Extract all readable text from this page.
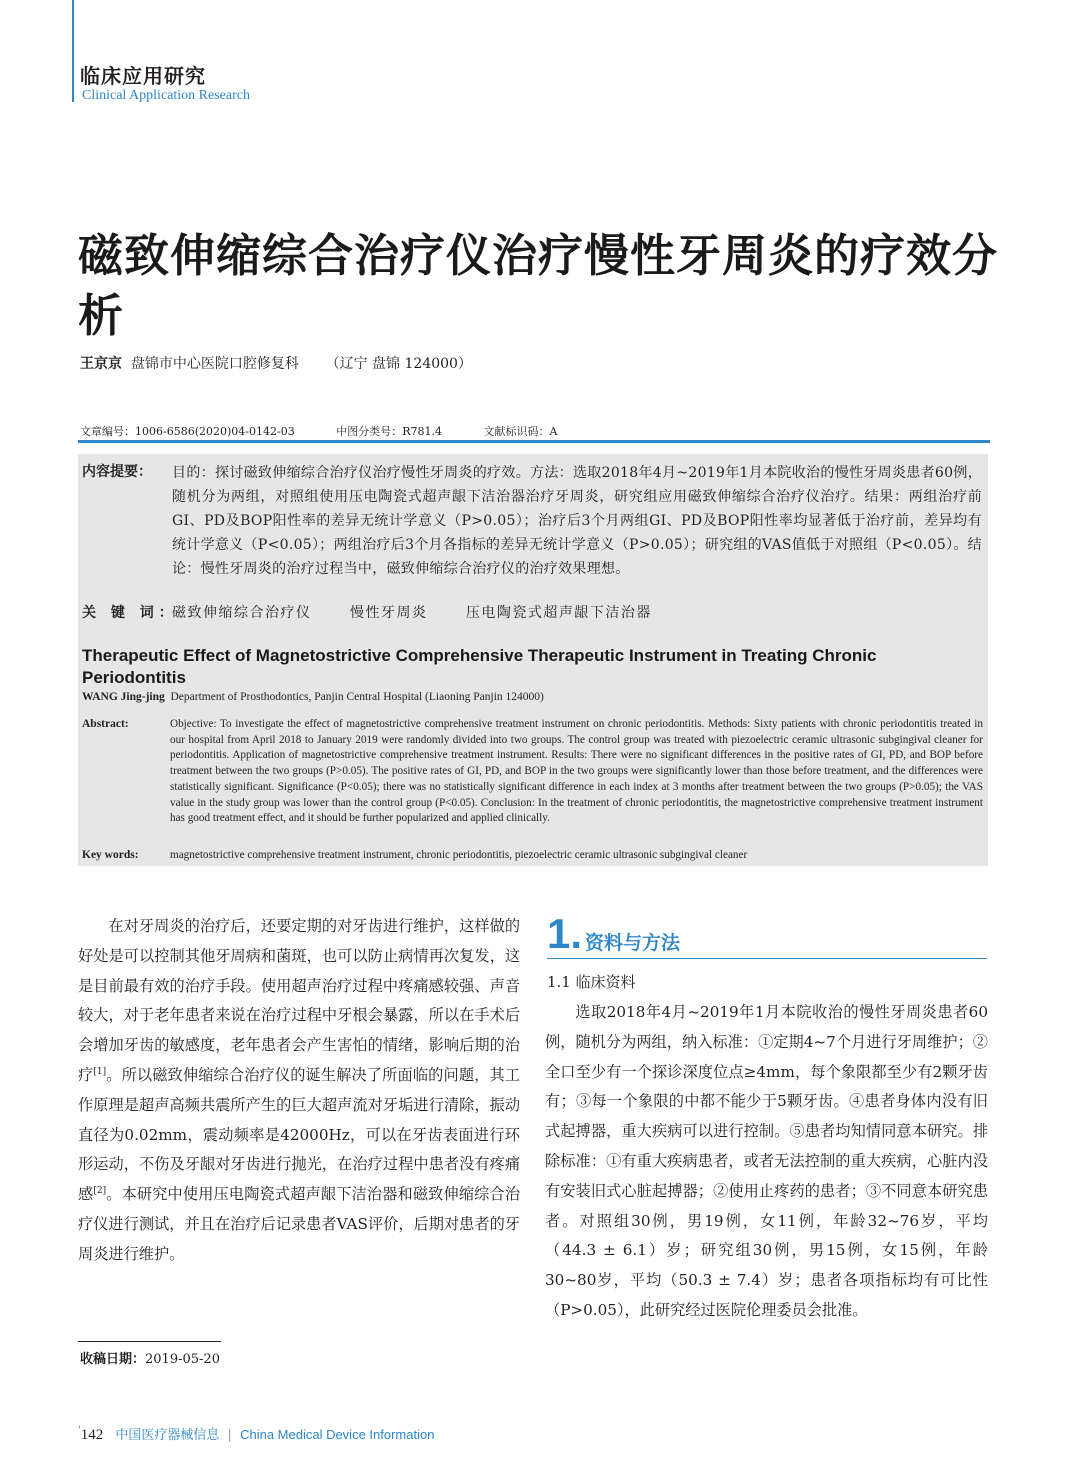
临床应用研究
Clinical Application Research
磁致伸缩综合治疗仪治疗慢性牙周炎的疗效分析
王京京 盘锦市中心医院口腔修复科 （辽宁 盘锦 124000）
文章编号：1006-6586(2020)04-0142-03	中图分类号：R781.4	文献标识码：A
内容提要： 目的：探讨磁致伸缩综合治疗仪治疗慢性牙周炎的疗效。方法：选取2018年4月~2019年1月本院收治的慢性牙周炎患者60例，随机分为两组，对照组使用压电陶瓷式超声龈下洁治器治疗牙周炎，研究组应用磁致伸缩综合治疗仪治疗。结果：两组治疗前GI、PD及BOP阳性率的差异无统计学意义（P>0.05）；治疗后3个月两组GI、PD及BOP阳性率均显著低于治疗前，差异均有统计学意义（P<0.05）；两组治疗后3个月各指标的差异无统计学意义（P>0.05）；研究组的VAS值低于对照组（P<0.05）。结论：慢性牙周炎的治疗过程当中，磁致伸缩综合治疗仪的治疗效果理想。
关 键 词：
磁致伸缩综合治疗仪	慢性牙周炎	压电陶瓷式超声龈下洁治器
Therapeutic Effect of Magnetostrictive Comprehensive Therapeutic Instrument in Treating Chronic Periodontitis
WANG Jing-jing Department of Prosthodontics, Panjin Central Hospital (Liaoning Panjin 124000)
Abstract:	Objective: To investigate the effect of magnetostrictive comprehensive treatment instrument on chronic periodontitis. Methods: Sixty patients with chronic periodontitis treated in our hospital from April 2018 to January 2019 were randomly divided into two groups. The control group was treated with piezoelectric ceramic ultrasonic subgingival cleaner for periodontitis. Application of magnetostrictive comprehensive treatment instrument. Results: There were no significant differences in the positive rates of GI, PD, and BOP before treatment between the two groups (P>0.05). The positive rates of GI, PD, and BOP in the two groups were significantly lower than those before treatment, and the differences were statistically significant. Significance (P<0.05); there was no statistically significant difference in each index at 3 months after treatment between the two groups (P>0.05); the VAS value in the study group was lower than the control group (P<0.05). Conclusion: In the treatment of chronic periodontitis, the magnetostrictive comprehensive treatment instrument has good treatment effect, and it should be further popularized and applied clinically.
Key words:	magnetostrictive comprehensive treatment instrument, chronic periodontitis, piezoelectric ceramic ultrasonic subgingival cleaner
在对牙周炎的治疗后，还要定期的对牙齿进行维护，这样做的好处是可以控制其他牙周病和菌斑，也可以防止病情再次复发，这是目前最有效的治疗手段。使用超声治疗过程中疼痛感较强、声音较大，对于老年患者来说在治疗过程中牙根会暴露，所以在手术后会增加牙齿的敏感度，老年患者会产生害怕的情绪，影响后期的治疗[1]。所以磁致伸缩综合治疗仪的诞生解决了所面临的问题，其工作原理是超声高频共震所产生的巨大超声流对牙垢进行清除，振动直径为0.02mm，震动频率是42000Hz，可以在牙齿表面进行环形运动，不伤及牙龈对牙齿进行抛光，在治疗过程中患者没有疼痛感[2]。本研究中使用压电陶瓷式超声龈下洁治器和磁致伸缩综合治疗仪进行测试，并且在治疗后记录患者VAS评价，后期对患者的牙周炎进行维护。
1. 资料与方法
1.1 临床资料
选取2018年4月~2019年1月本院收治的慢性牙周炎患者60例，随机分为两组，纳入标准：①定期4~7个月进行牙周维护；②全口至少有一个探诊深度位点≥4mm，每个象限都至少有2颗牙齿有；③每一个象限的中都不能少于5颗牙齿。④患者身体内没有旧式起搏器，重大疾病可以进行控制。⑤患者均知情同意本研究。排除标准：①有重大疾病患者，或者无法控制的重大疾病，心脏内没有安装旧式心脏起搏器；②使用止疼药的患者；③不同意本研究患者。对照组30例，男19例，女11例，年龄32~76岁，平均（44.3 ± 6.1）岁；研究组30例，男15例，女15例，年龄30~80岁，平均（50.3 ± 7.4）岁；患者各项指标均有可比性（P>0.05），此研究经过医院伦理委员会批准。
收稿日期：2019-05-20
'142 中国医疗器械信息 | China Medical Device Information
